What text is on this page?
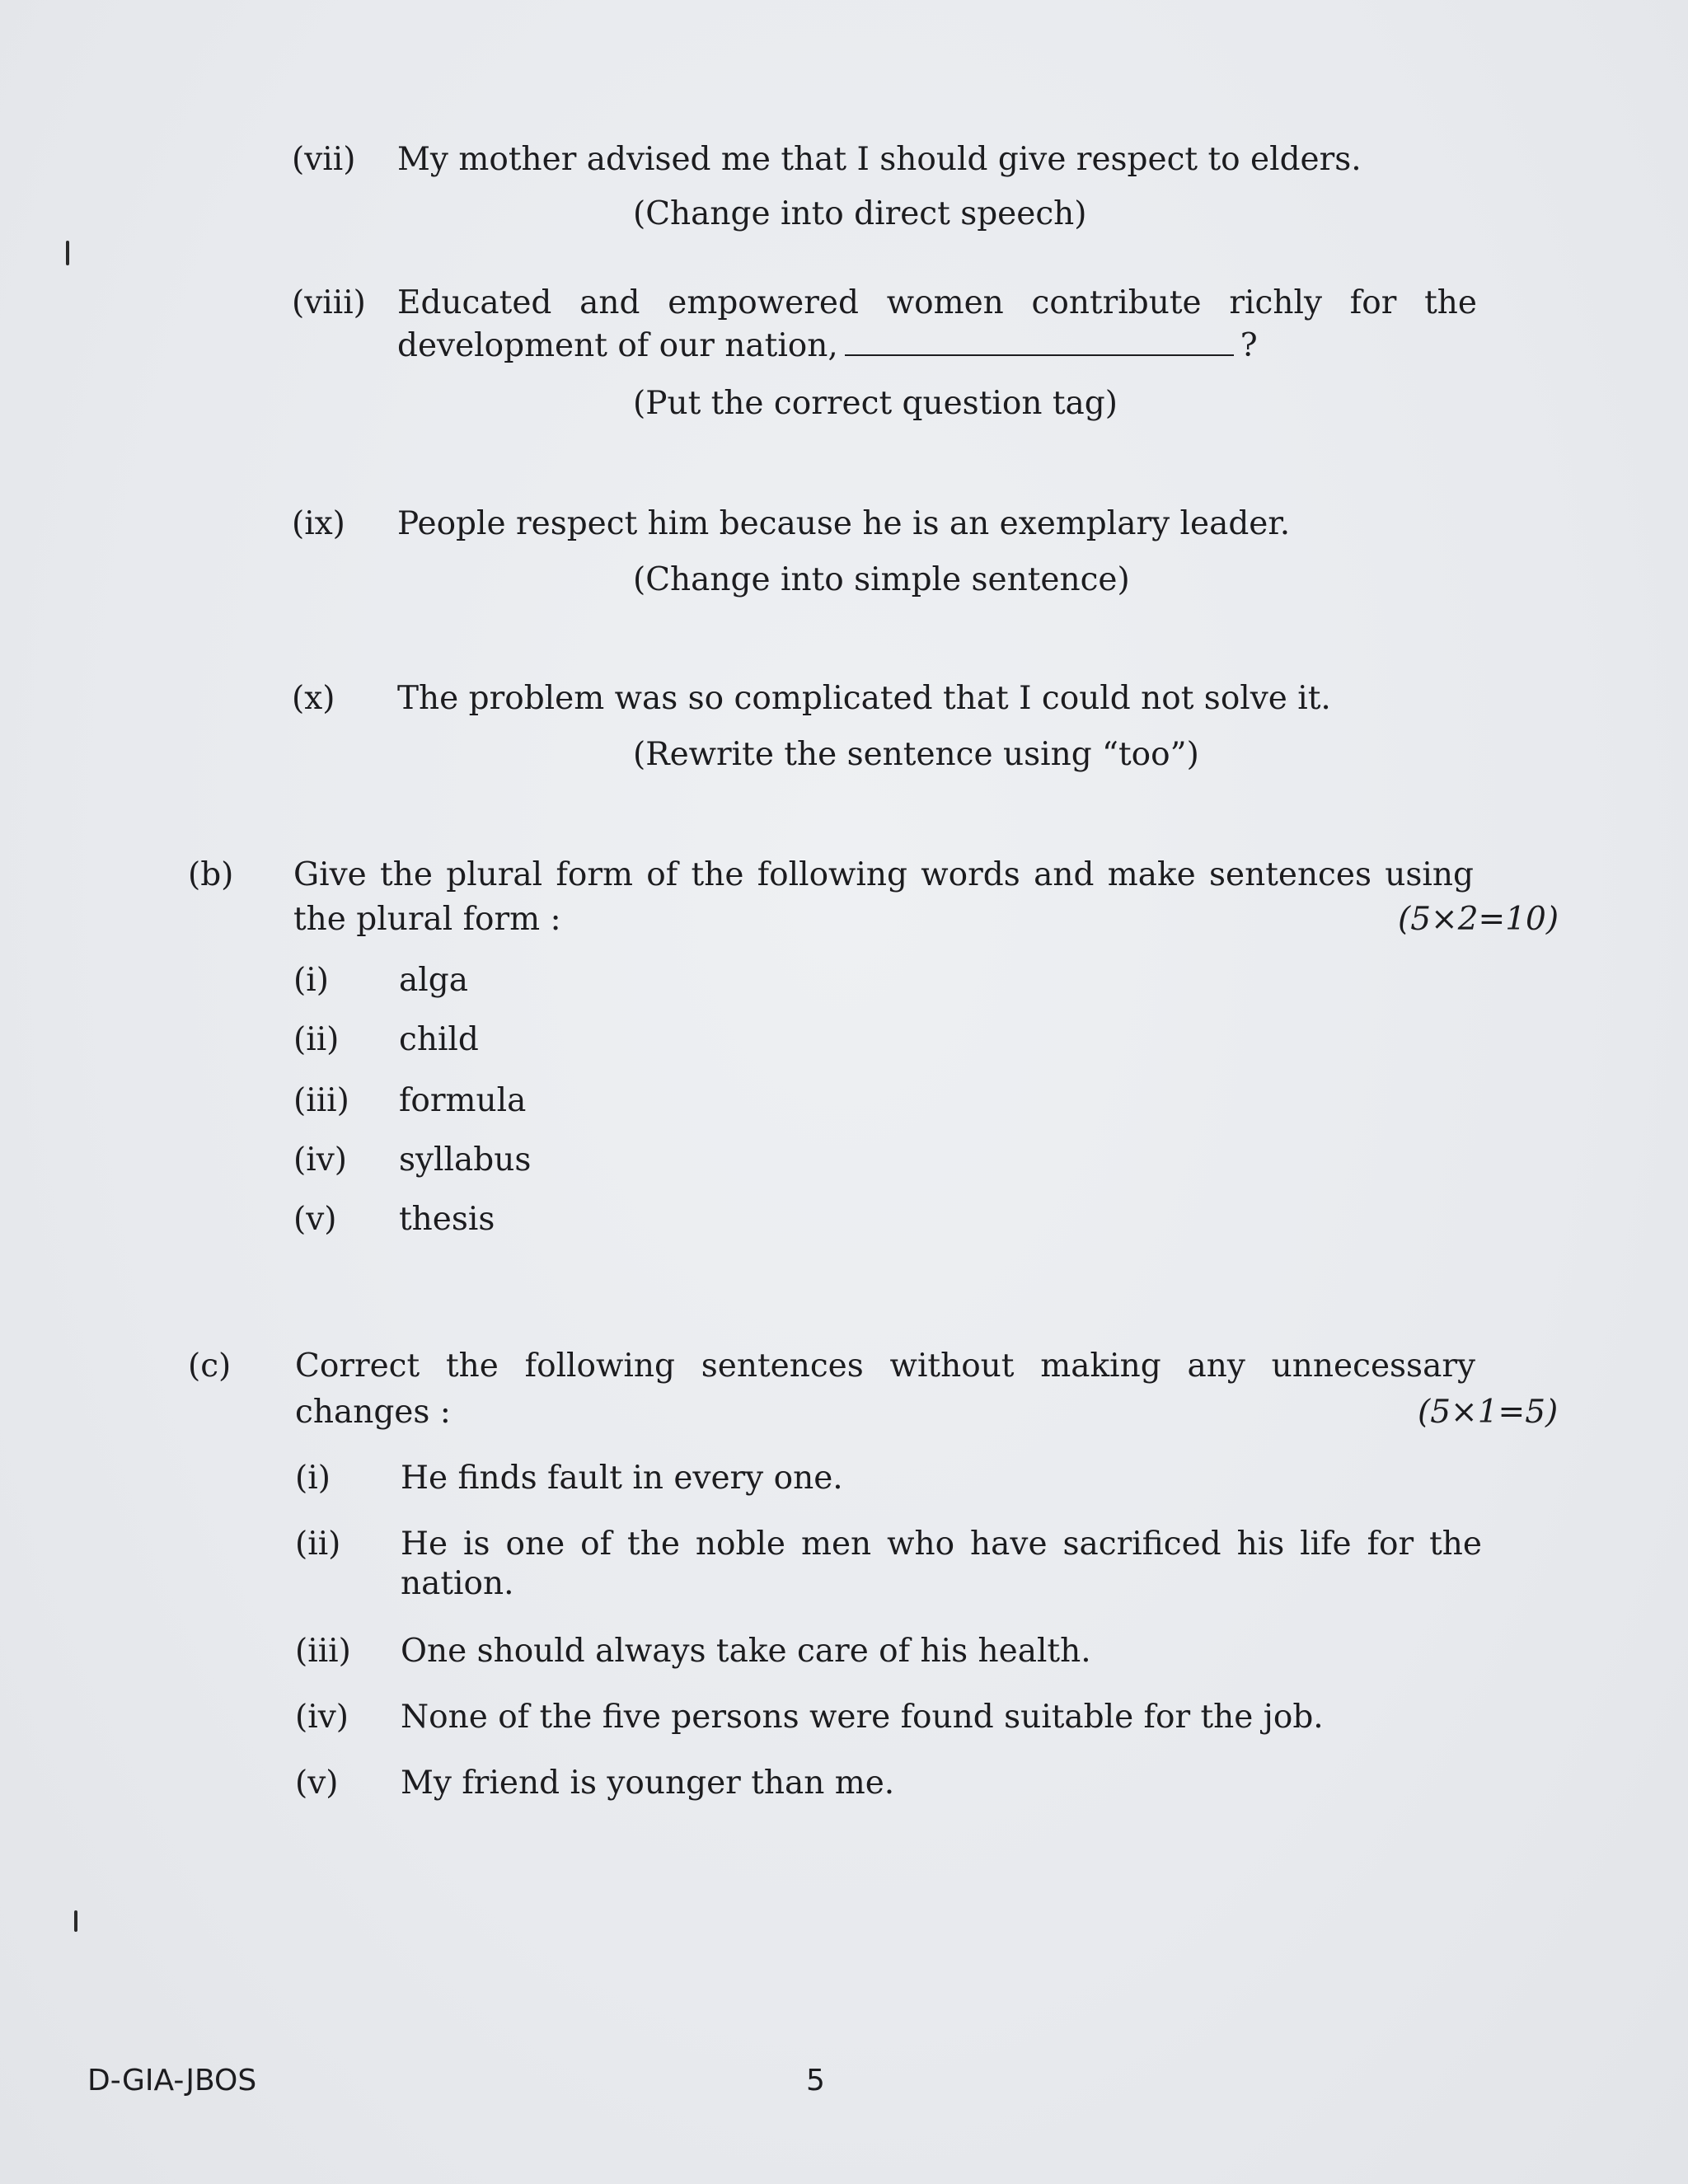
(vii) My mother advised me that I should give respect to elders.
(Change into direct speech)
(viii) Educated and empowered women contribute richly for the
development of our nation,	?
(Put the correct question tag)
(ix) People respect him because he is an exemplary leader.
(Change into simple sentence)
(x) The problem was so complicated that I could not solve it.
(Rewrite the sentence using “too”)
(b) Give the plural form of the following words and make sentences using
the plural form :	(5×2=10)
(i) alga
(ii) child
(iii) formula
(iv) syllabus
(v) thesis
(c) Correct the following sentences without making any unnecessary
changes :	(5×1=5)
(i) He finds fault in every one.
(ii) He is one of the noble men who have sacrificed his life for the
nation.
(iii) One should always take care of his health.
(iv) None of the five persons were found suitable for the job.
(v) My friend is younger than me.
D-GIA-JBOS	5
